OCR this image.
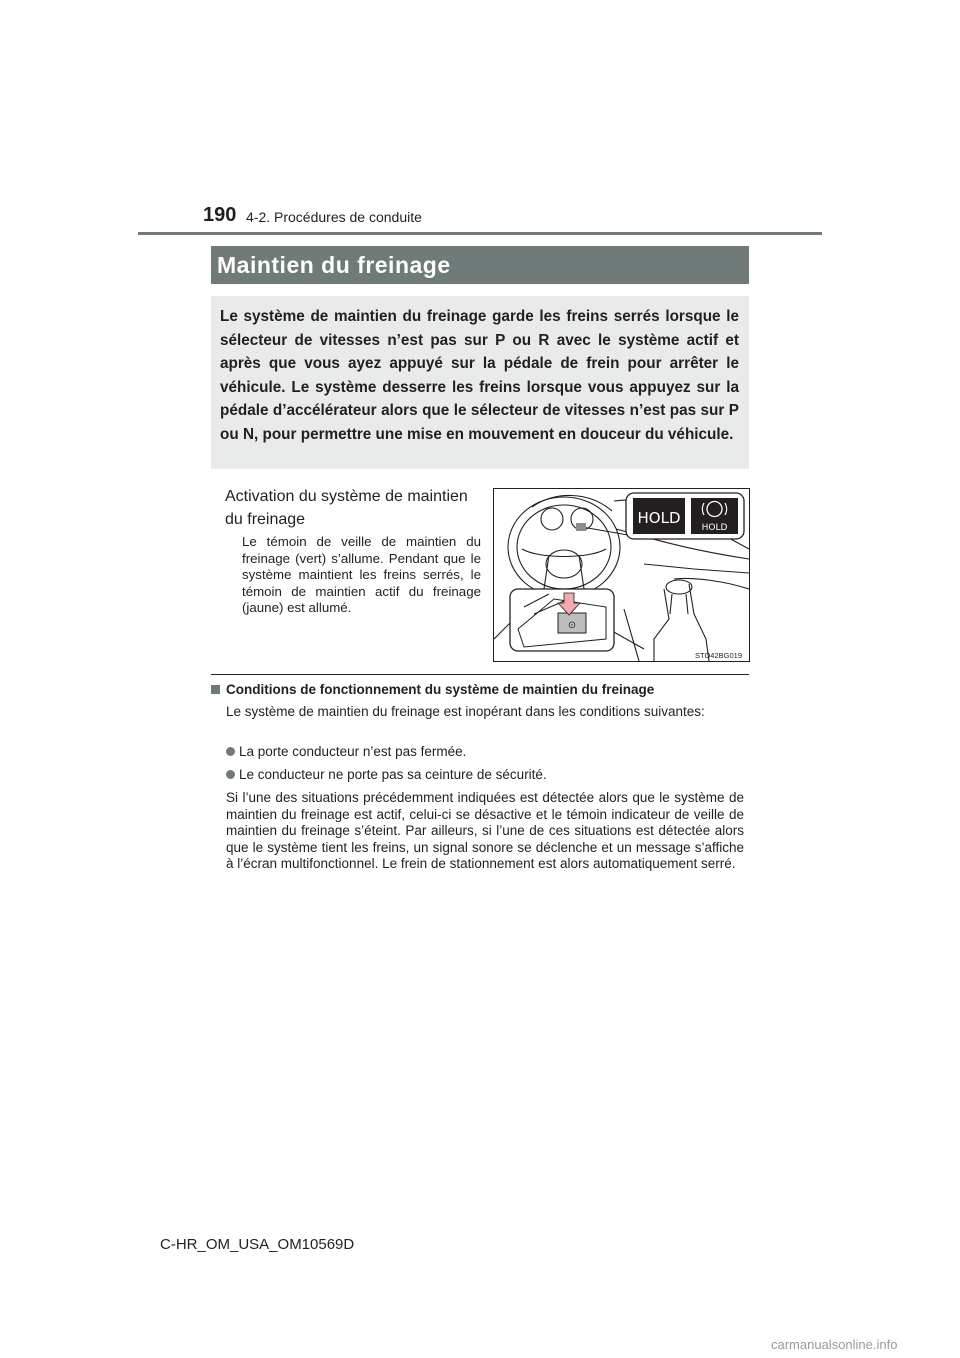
190 4-2. Procédures de conduite
Maintien du freinage

Le système de maintien du freinage garde les freins serrés lorsque le sélecteur de vitesses n’est pas sur P ou R avec le système actif et après que vous ayez appuyé sur la pédale de frein pour arrêter le véhicule. Le système desserre les freins lorsque vous appuyez sur la pédale d’accélérateur alors que le sélecteur de vitesses n’est pas sur P ou N, pour permettre une mise en mouvement en douceur du véhicule.

Activation du système de maintien du freinage

Le témoin de veille de maintien du freinage (vert) s’allume. Pendant que le système maintient les freins serrés, le témoin de maintien actif du freinage (jaune) est allumé.

HOLD
HOLD
⊙
STO42BG019
Conditions de fonctionnement du système de maintien du freinage

Le système de maintien du freinage est inopérant dans les conditions suivantes:

La porte conducteur n’est pas fermée.

Le conducteur ne porte pas sa ceinture de sécurité.

Si l’une des situations précédemment indiquées est détectée alors que le système de maintien du freinage est actif, celui-ci se désactive et le témoin indicateur de veille de maintien du freinage s’éteint. Par ailleurs, si l’une de ces situations est détectée alors que le système tient les freins, un signal sonore se déclenche et un message s’affiche à l’écran multifonctionnel. Le frein de stationnement est alors automatiquement serré.

C-HR_OM_USA_OM10569D
carmanualsonline.info
